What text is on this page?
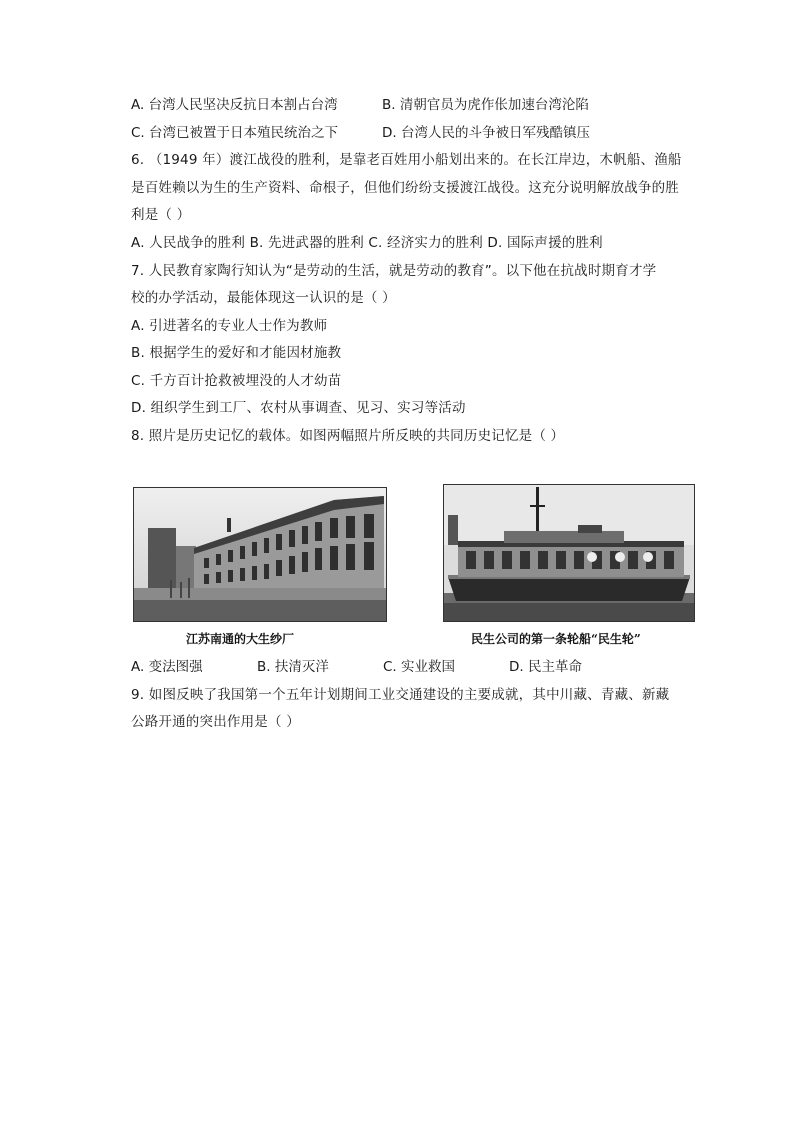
A. 台湾人民坚决反抗日本割占台湾	B. 清朝官员为虎作伥加速台湾沦陷
C. 台湾已被置于日本殖民统治之下	D. 台湾人民的斗争被日军残酷镇压
6. （1949 年）渡江战役的胜利，是靠老百姓用小船划出来的。在长江岸边，木帆船、渔船
是百姓赖以为生的生产资料、命根子，但他们纷纷支援渡江战役。这充分说明解放战争的胜
利是（ ）
A. 人民战争的胜利 B. 先进武器的胜利 C. 经济实力的胜利 D. 国际声援的胜利
7. 人民教育家陶行知认为“是劳动的生活，就是劳动的教育”。以下他在抗战时期育才学
校的办学活动，最能体现这一认识的是（ ）
A. 引进著名的专业人士作为教师
B. 根据学生的爱好和才能因材施教
C. 千方百计抢救被埋没的人才幼苗
D. 组织学生到工厂、农村从事调查、见习、实习等活动
8. 照片是历史记忆的载体。如图两幅照片所反映的共同历史记忆是（ ）
江苏南通的大生纱厂	民生公司的第一条轮船“民生轮”
A. 变法图强	B. 扶清灭洋	C. 实业救国	D. 民主革命
9. 如图反映了我国第一个五年计划期间工业交通建设的主要成就，其中川藏、青藏、新藏
公路开通的突出作用是（ ）
